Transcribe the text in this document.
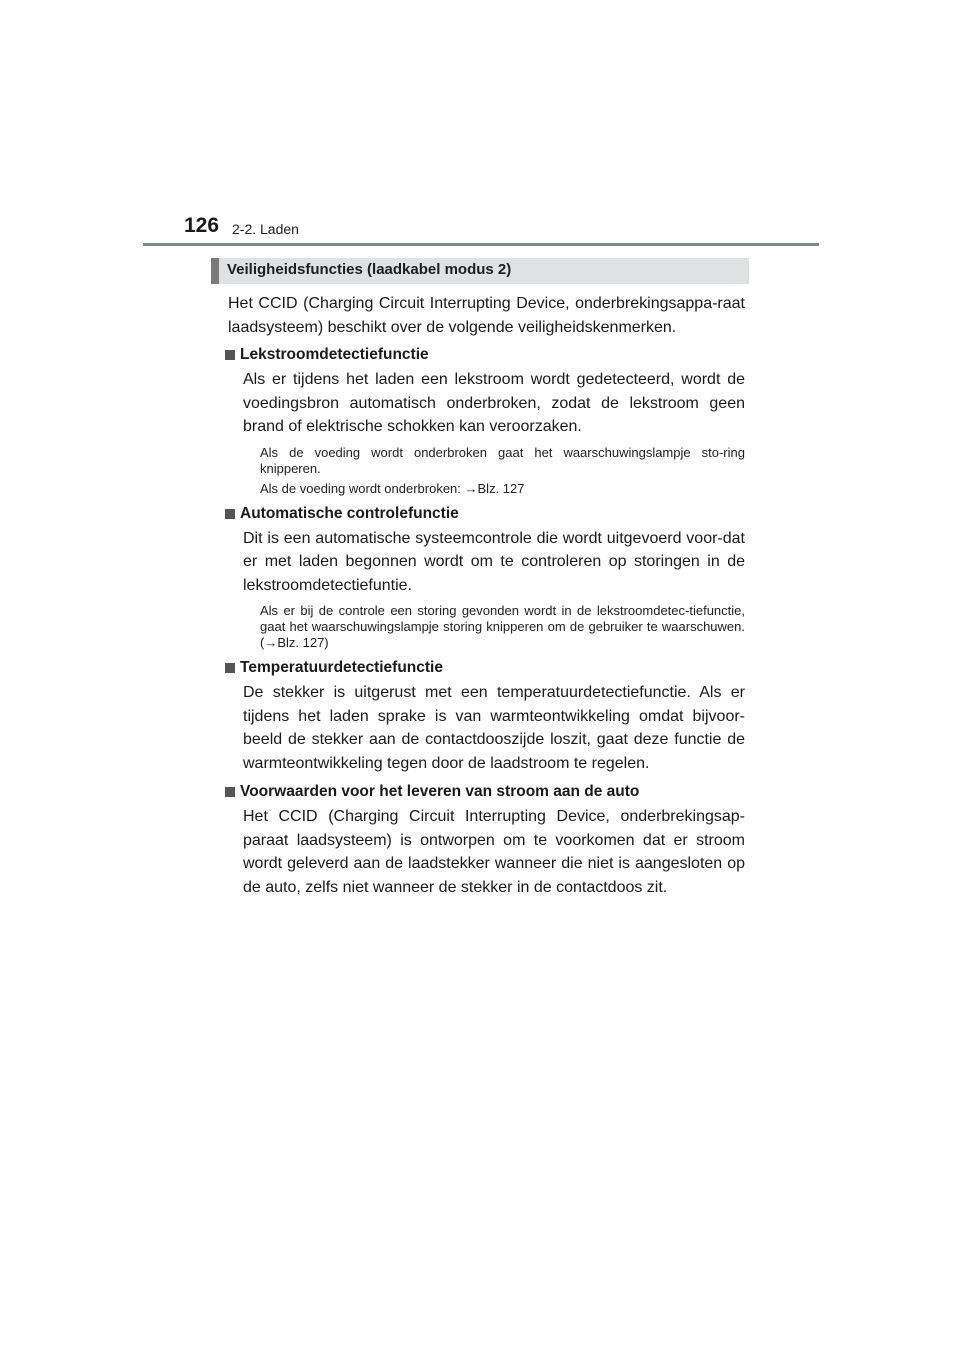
126 2-2. Laden
Veiligheidsfuncties (laadkabel modus 2)

Het CCID (Charging Circuit Interrupting Device, onderbrekingsappa-raat laadsysteem) beschikt over de volgende veiligheidskenmerken.

Lekstroomdetectiefunctie

Als er tijdens het laden een lekstroom wordt gedetecteerd, wordt de voedingsbron automatisch onderbroken, zodat de lekstroom geen brand of elektrische schokken kan veroorzaken.

Als de voeding wordt onderbroken gaat het waarschuwingslampje sto-ring knipperen.

Als de voeding wordt onderbroken: →Blz. 127

Automatische controlefunctie

Dit is een automatische systeemcontrole die wordt uitgevoerd voor-dat er met laden begonnen wordt om te controleren op storingen in de lekstroomdetectiefuntie.

Als er bij de controle een storing gevonden wordt in de lekstroomdetec-tiefunctie, gaat het waarschuwingslampje storing knipperen om de gebruiker te waarschuwen. (→Blz. 127)

Temperatuurdetectiefunctie

De stekker is uitgerust met een temperatuurdetectiefunctie. Als er tijdens het laden sprake is van warmteontwikkeling omdat bijvoor-beeld de stekker aan de contactdooszijde loszit, gaat deze functie de warmteontwikkeling tegen door de laadstroom te regelen.

Voorwaarden voor het leveren van stroom aan de auto

Het CCID (Charging Circuit Interrupting Device, onderbrekingsap-paraat laadsysteem) is ontworpen om te voorkomen dat er stroom wordt geleverd aan de laadstekker wanneer die niet is aangesloten op de auto, zelfs niet wanneer de stekker in de contactdoos zit.
